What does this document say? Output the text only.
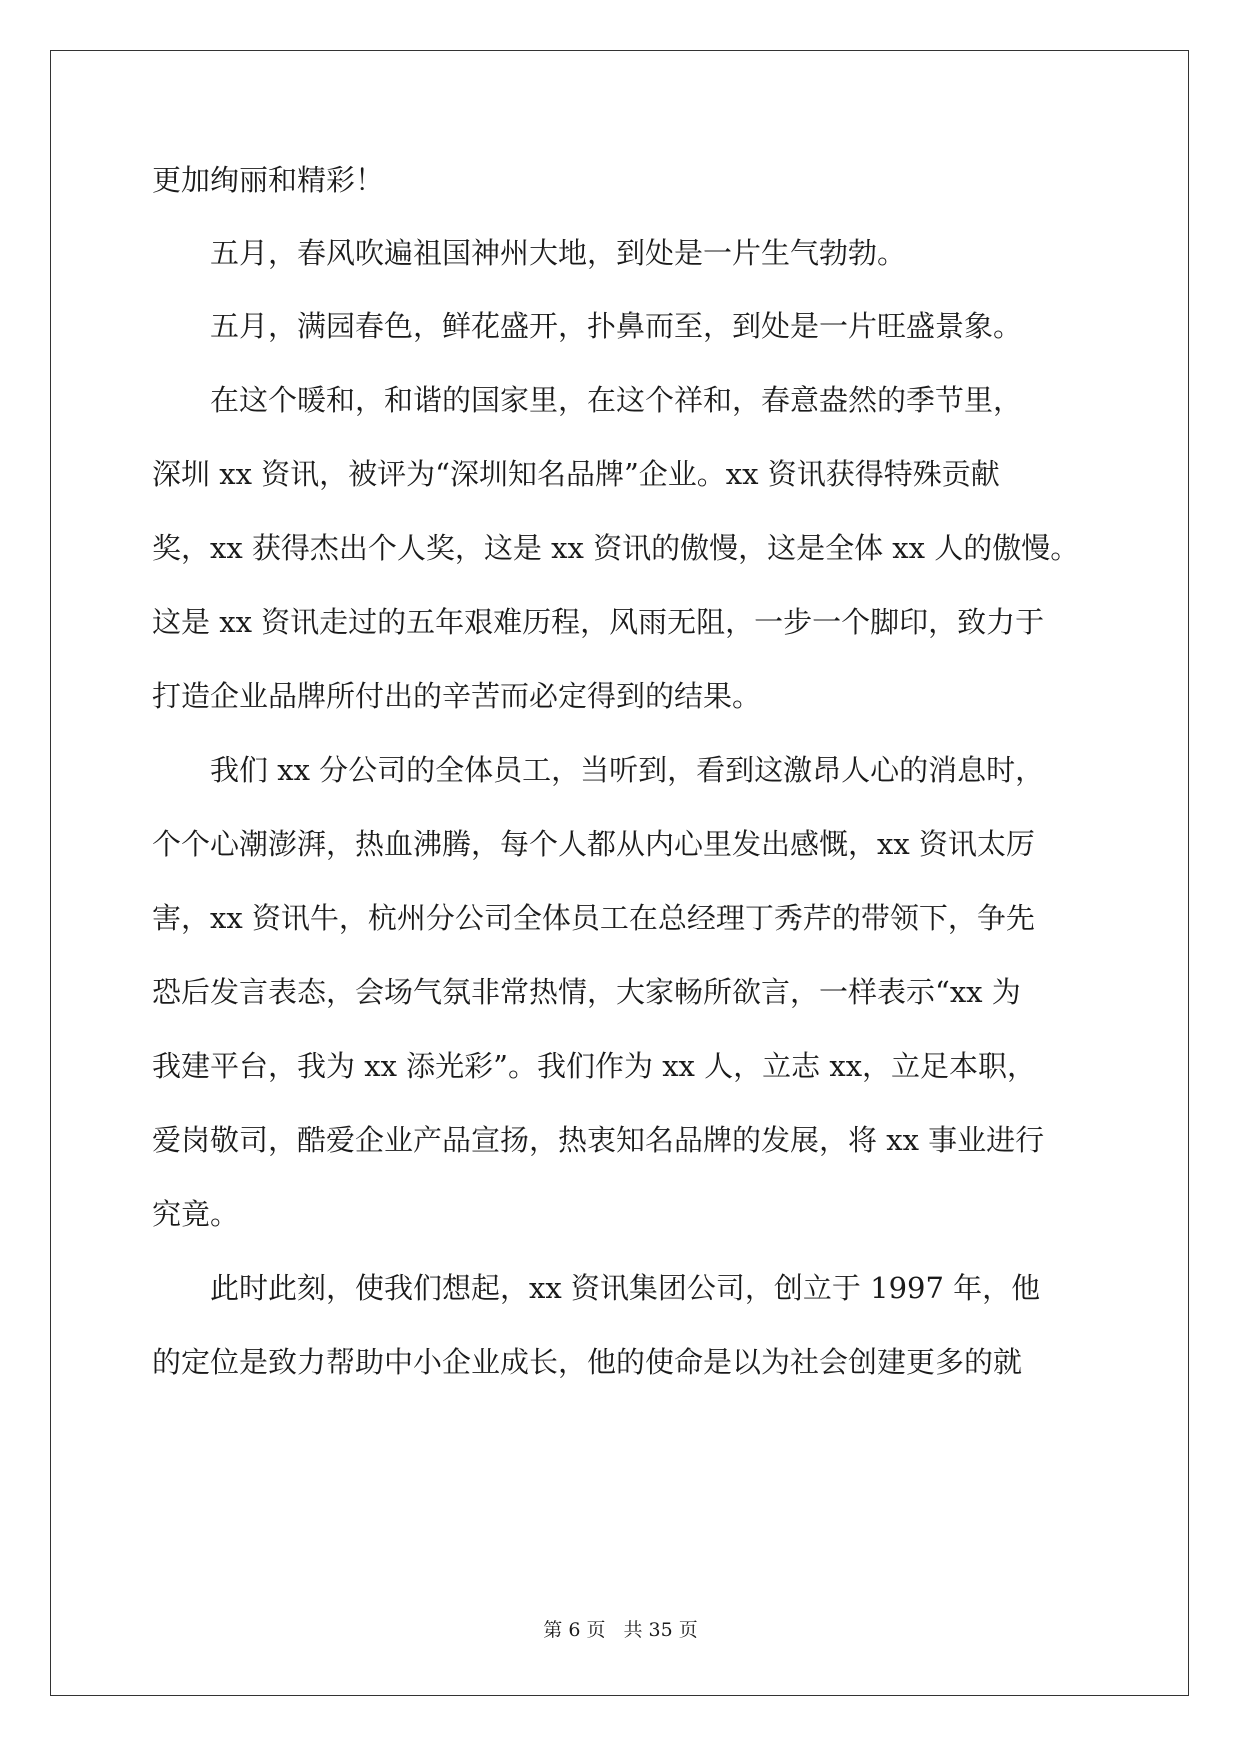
更加绚丽和精彩！
　　五月，春风吹遍祖国神州大地，到处是一片生气勃勃。
　　五月，满园春色，鲜花盛开，扑鼻而至，到处是一片旺盛景象。
　　在这个暖和，和谐的国家里，在这个祥和，春意盎然的季节里，
深圳 xx 资讯，被评为“深圳知名品牌”企业。xx 资讯获得特殊贡献
奖，xx 获得杰出个人奖，这是 xx 资讯的傲慢，这是全体 xx 人的傲慢。
这是 xx 资讯走过的五年艰难历程，风雨无阻，一步一个脚印，致力于
打造企业品牌所付出的辛苦而必定得到的结果。
　　我们 xx 分公司的全体员工，当听到，看到这激昂人心的消息时，
个个心潮澎湃，热血沸腾，每个人都从内心里发出感慨，xx 资讯太厉
害，xx 资讯牛，杭州分公司全体员工在总经理丁秀芹的带领下，争先
恐后发言表态，会场气氛非常热情，大家畅所欲言，一样表示“xx 为
我建平台，我为 xx 添光彩”。我们作为 xx 人，立志 xx，立足本职，
爱岗敬司，酷爱企业产品宣扬，热衷知名品牌的发展，将 xx 事业进行
究竟。
　　此时此刻，使我们想起，xx 资讯集团公司，创立于 1997 年，他
的定位是致力帮助中小企业成长，他的使命是以为社会创建更多的就
第 6 页 共 35 页
